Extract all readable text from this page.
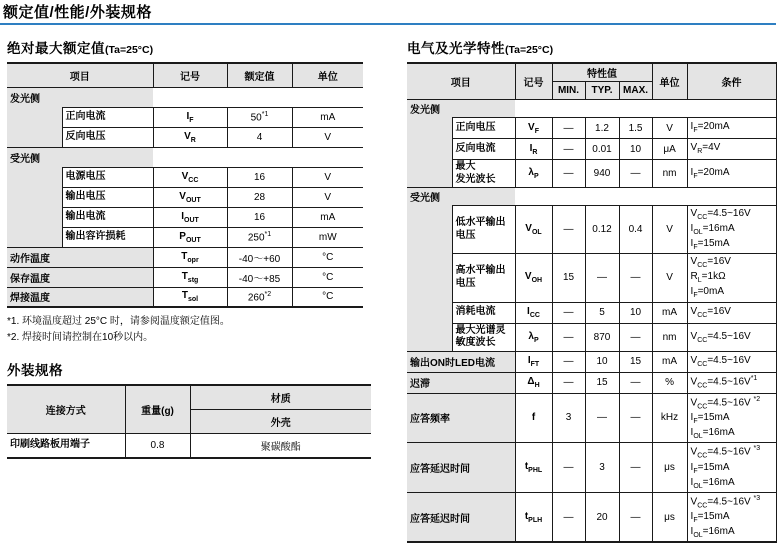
额定值/性能/外装规格
绝对最大额定值(Ta=25°C)
项目		记号	额定值	单位
发光侧				
	正向电流	$I_F$	50$^{*1}$	mA
	反向电压	$V_R$	4	V
受光侧				
	电源电压	$V_{CC}$	16	V
	输出电压	$V_{OUT}$	28	V
	输出电流	$I_{OUT}$	16	mA
	输出容许损耗	$P_{OUT}$	250$^{*1}$	mW
动作温度		$T_{opr}$	-40～+60	°C
保存温度		$T_{stg}$	-40～+85	°C
焊接温度		$T_{sol}$	260$^{*2}$	°C
*1. 环境温度超过 25°C 时，请参阅温度额定值图。
*2. 焊接时间请控制在10秒以内。
外装规格
连接方式	重量(g)	材质
		外壳
印刷线路板用端子	0.8	聚碳酸酯
电气及光学特性(Ta=25°C)
项目		记号	特性值			单位	条件
			MIN.	TYP.	MAX.		
发光侧							
	正向电压	$V_F$	—	1.2	1.5	V	$I_F=20mA$
	反向电流	$I_R$	—	0.01	10	μA	$V_R=4V$
	最大
发光波长	$\lambda_P$	—	940	—	nm	$I_F=20mA$
受光侧							
	低水平输出
电压	$V_{OL}$	—	0.12	0.4	V	$V_{CC}=4.5\sim 16V$
$I_{OL}=16mA$
$I_F=15mA$
	高水平输出
电压	$V_{OH}$	15	—	—	V	$V_{CC}=16V$
$R_L=1k\Omega$
$I_F=0mA$
	消耗电流	$I_{CC}$	—	5	10	mA	$V_{CC}=16V$
	最大光谱灵
敏度波长	$\lambda_P$	—	870	—	nm	$V_{CC}=4.5\sim 16V$
输出ON时LED电流		$I_{FT}$	—	10	15	mA	$V_{CC}=4.5\sim 16V$
迟滞		$\Delta_H$	—	15	—	%	$V_{CC}=4.5\sim 16V^{*1}$
应答频率		f	3	—	—	kHz	$V_{CC}=4.5\sim 16V$ $^{*2}$
$I_F=15mA$
$I_{OL}=16mA$
应答延迟时间		$t_{PHL}$	—	3	—	μs	$V_{CC}=4.5\sim 16V$ $^{*3}$
$I_F=15mA$
$I_{OL}=16mA$
应答延迟时间		$t_{PLH}$	—	20	—	μs	$V_{CC}=4.5\sim 16V$ $^{*3}$
$I_F=15mA$
$I_{OL}=16mA$
